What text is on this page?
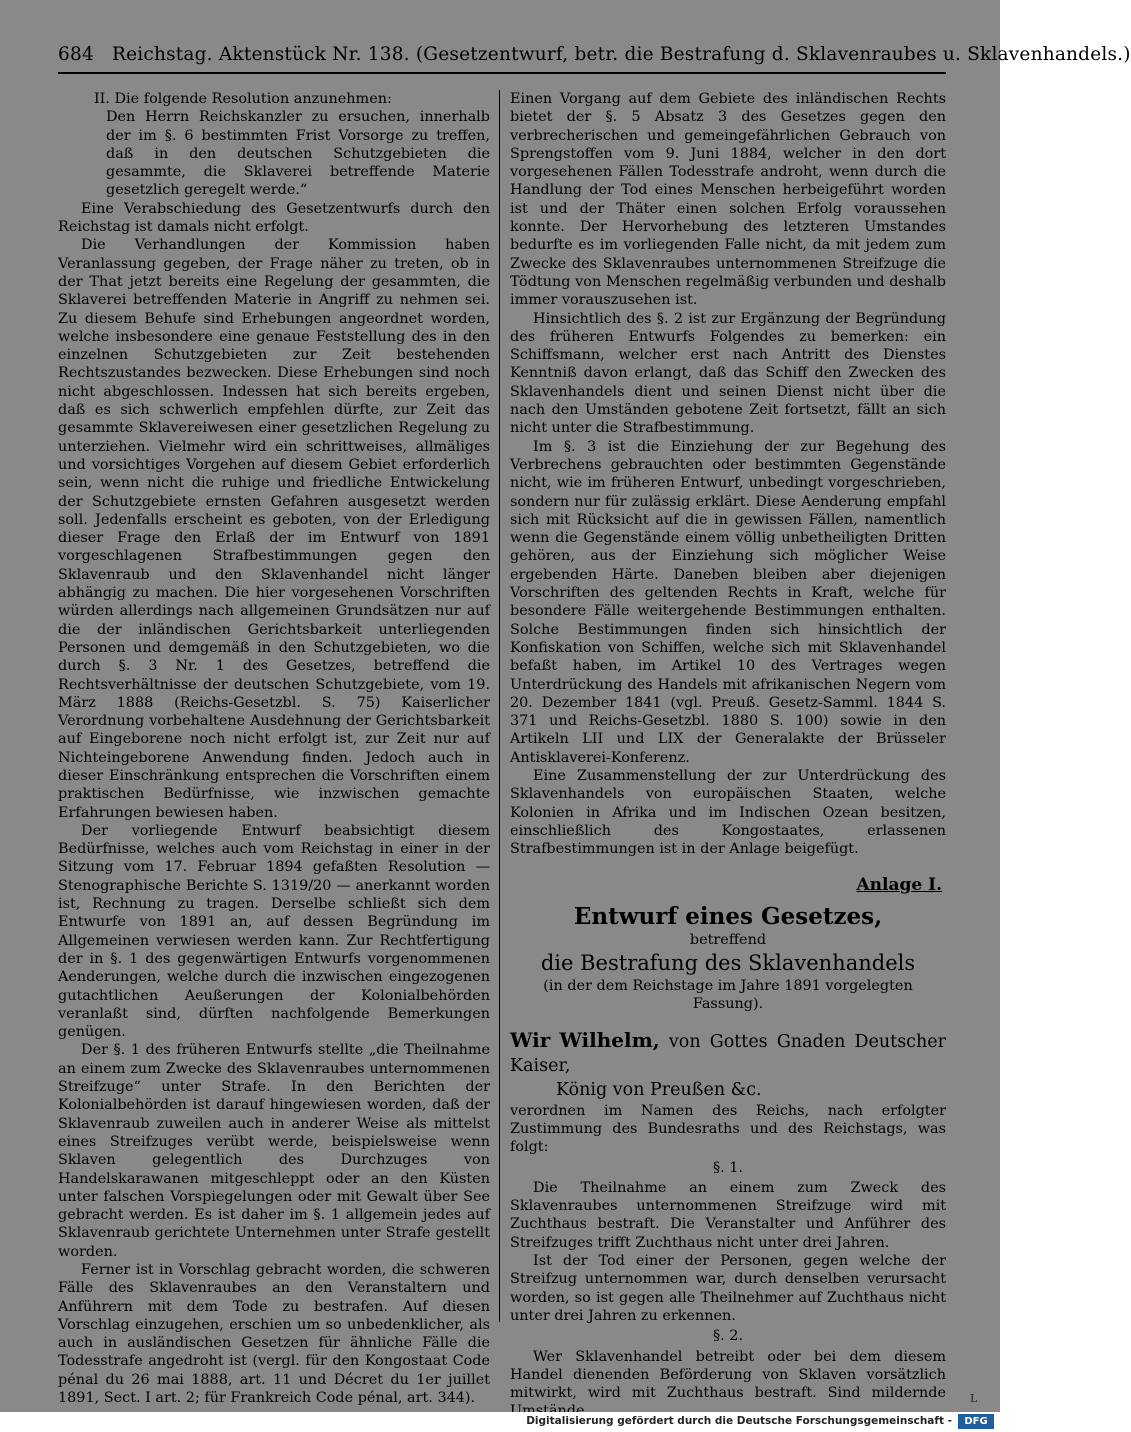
684 Reichstag. Aktenstück Nr. 138. (Gesetzentwurf, betr. die Bestrafung d. Sklavenraubes u. Sklavenhandels.)

II. Die folgende Resolution anzunehmen:

Den Herrn Reichskanzler zu ersuchen, innerhalb der im §. 6 bestimmten Frist Vorsorge zu treffen, daß in den deutschen Schutzgebieten die gesammte, die Sklaverei betreffende Materie gesetzlich geregelt werde.“

Eine Verabschiedung des Gesetzentwurfs durch den Reichstag ist damals nicht erfolgt.

Die Verhandlungen der Kommission haben Veranlassung gegeben, der Frage näher zu treten, ob in der That jetzt bereits eine Regelung der gesammten, die Sklaverei betreffenden Materie in Angriff zu nehmen sei. Zu diesem Behufe sind Erhebungen angeordnet worden, welche insbesondere eine genaue Feststellung des in den einzelnen Schutzgebieten zur Zeit bestehenden Rechtszustandes bezwecken. Diese Erhebungen sind noch nicht abgeschlossen. Indessen hat sich bereits ergeben, daß es sich schwerlich empfehlen dürfte, zur Zeit das gesammte Sklavereiwesen einer gesetzlichen Regelung zu unterziehen. Vielmehr wird ein schrittweises, allmäliges und vorsichtiges Vorgehen auf diesem Gebiet erforderlich sein, wenn nicht die ruhige und friedliche Entwickelung der Schutzgebiete ernsten Gefahren ausgesetzt werden soll. Jedenfalls erscheint es geboten, von der Erledigung dieser Frage den Erlaß der im Entwurf von 1891 vorgeschlagenen Strafbestimmungen gegen den Sklavenraub und den Sklavenhandel nicht länger abhängig zu machen. Die hier vorgesehenen Vorschriften würden allerdings nach allgemeinen Grundsätzen nur auf die der inländischen Gerichtsbarkeit unterliegenden Personen und demgemäß in den Schutzgebieten, wo die durch §. 3 Nr. 1 des Gesetzes, betreffend die Rechtsverhältnisse der deutschen Schutzgebiete, vom 19. März 1888 (Reichs-Gesetzbl. S. 75) Kaiserlicher Verordnung vorbehaltene Ausdehnung der Gerichtsbarkeit auf Eingeborene noch nicht erfolgt ist, zur Zeit nur auf Nichteingeborene Anwendung finden. Jedoch auch in dieser Einschränkung entsprechen die Vorschriften einem praktischen Bedürfnisse, wie inzwischen gemachte Erfahrungen bewiesen haben.

Der vorliegende Entwurf beabsichtigt diesem Bedürfnisse, welches auch vom Reichstag in einer in der Sitzung vom 17. Februar 1894 gefaßten Resolution — Stenographische Berichte S. 1319/20 — anerkannt worden ist, Rechnung zu tragen. Derselbe schließt sich dem Entwurfe von 1891 an, auf dessen Begründung im Allgemeinen verwiesen werden kann. Zur Rechtfertigung der in §. 1 des gegenwärtigen Entwurfs vorgenommenen Aenderungen, welche durch die inzwischen eingezogenen gutachtlichen Aeußerungen der Kolonialbehörden veranlaßt sind, dürften nachfolgende Bemerkungen genügen.

Der §. 1 des früheren Entwurfs stellte „die Theilnahme an einem zum Zwecke des Sklavenraubes unternommenen Streifzuge“ unter Strafe. In den Berichten der Kolonialbehörden ist darauf hingewiesen worden, daß der Sklavenraub zuweilen auch in anderer Weise als mittelst eines Streifzuges verübt werde, beispielsweise wenn Sklaven gelegentlich des Durchzuges von Handelskarawanen mitgeschleppt oder an den Küsten unter falschen Vorspiegelungen oder mit Gewalt über See gebracht werden. Es ist daher im §. 1 allgemein jedes auf Sklavenraub gerichtete Unternehmen unter Strafe gestellt worden.

Ferner ist in Vorschlag gebracht worden, die schweren Fälle des Sklavenraubes an den Veranstaltern und Anführern mit dem Tode zu bestrafen. Auf diesen Vorschlag einzugehen, erschien um so unbedenklicher, als auch in ausländischen Gesetzen für ähnliche Fälle die Todesstrafe angedroht ist (vergl. für den Kongostaat Code pénal du 26 mai 1888, art. 11 und Décret du 1er juillet 1891, Sect. I art. 2; für Frankreich Code pénal, art. 344).

Einen Vorgang auf dem Gebiete des inländischen Rechts bietet der §. 5 Absatz 3 des Gesetzes gegen den verbrecherischen und gemeingefährlichen Gebrauch von Sprengstoffen vom 9. Juni 1884, welcher in den dort vorgesehenen Fällen Todesstrafe androht, wenn durch die Handlung der Tod eines Menschen herbeigeführt worden ist und der Thäter einen solchen Erfolg voraussehen konnte. Der Hervorhebung des letzteren Umstandes bedurfte es im vorliegenden Falle nicht, da mit jedem zum Zwecke des Sklavenraubes unternommenen Streifzuge die Tödtung von Menschen regelmäßig verbunden und deshalb immer vorauszusehen ist.

Hinsichtlich des §. 2 ist zur Ergänzung der Begründung des früheren Entwurfs Folgendes zu bemerken: ein Schiffsmann, welcher erst nach Antritt des Dienstes Kenntniß davon erlangt, daß das Schiff den Zwecken des Sklavenhandels dient und seinen Dienst nicht über die nach den Umständen gebotene Zeit fortsetzt, fällt an sich nicht unter die Strafbestimmung.

Im §. 3 ist die Einziehung der zur Begehung des Verbrechens gebrauchten oder bestimmten Gegenstände nicht, wie im früheren Entwurf, unbedingt vorgeschrieben, sondern nur für zulässig erklärt. Diese Aenderung empfahl sich mit Rücksicht auf die in gewissen Fällen, namentlich wenn die Gegenstände einem völlig unbetheiligten Dritten gehören, aus der Einziehung sich möglicher Weise ergebenden Härte. Daneben bleiben aber diejenigen Vorschriften des geltenden Rechts in Kraft, welche für besondere Fälle weitergehende Bestimmungen enthalten. Solche Bestimmungen finden sich hinsichtlich der Konfiskation von Schiffen, welche sich mit Sklavenhandel befaßt haben, im Artikel 10 des Vertrages wegen Unterdrückung des Handels mit afrikanischen Negern vom 20. Dezember 1841 (vgl. Preuß. Gesetz-Samml. 1844 S. 371 und Reichs-Gesetzbl. 1880 S. 100) sowie in den Artikeln LII und LIX der Generalakte der Brüsseler Antisklaverei-Konferenz.

Eine Zusammenstellung der zur Unterdrückung des Sklavenhandels von europäischen Staaten, welche Kolonien in Afrika und im Indischen Ozean besitzen, einschließlich des Kongostaates, erlassenen Strafbestimmungen ist in der Anlage beigefügt.

Anlage I.

Entwurf eines Gesetzes,

betreffend

die Bestrafung des Sklavenhandels

(in der dem Reichstage im Jahre 1891 vorgelegten Fassung).

Wir Wilhelm, von Gottes Gnaden Deutscher Kaiser,

König von Preußen &c.

verordnen im Namen des Reichs, nach erfolgter Zustimmung des Bundesraths und des Reichstags, was folgt:

§. 1.

Die Theilnahme an einem zum Zweck des Sklavenraubes unternommenen Streifzuge wird mit Zuchthaus bestraft. Die Veranstalter und Anführer des Streifzuges trifft Zuchthaus nicht unter drei Jahren.

Ist der Tod einer der Personen, gegen welche der Streifzug unternommen war, durch denselben verursacht worden, so ist gegen alle Theilnehmer auf Zuchthaus nicht unter drei Jahren zu erkennen.

§. 2.

Wer Sklavenhandel betreibt oder bei dem diesem Handel dienenden Beförderung von Sklaven vorsätzlich mitwirkt, wird mit Zuchthaus bestraft. Sind mildernde L
Digitalisierung gefördert durch die Deutsche Forschungsgemeinschaft -	DFG
